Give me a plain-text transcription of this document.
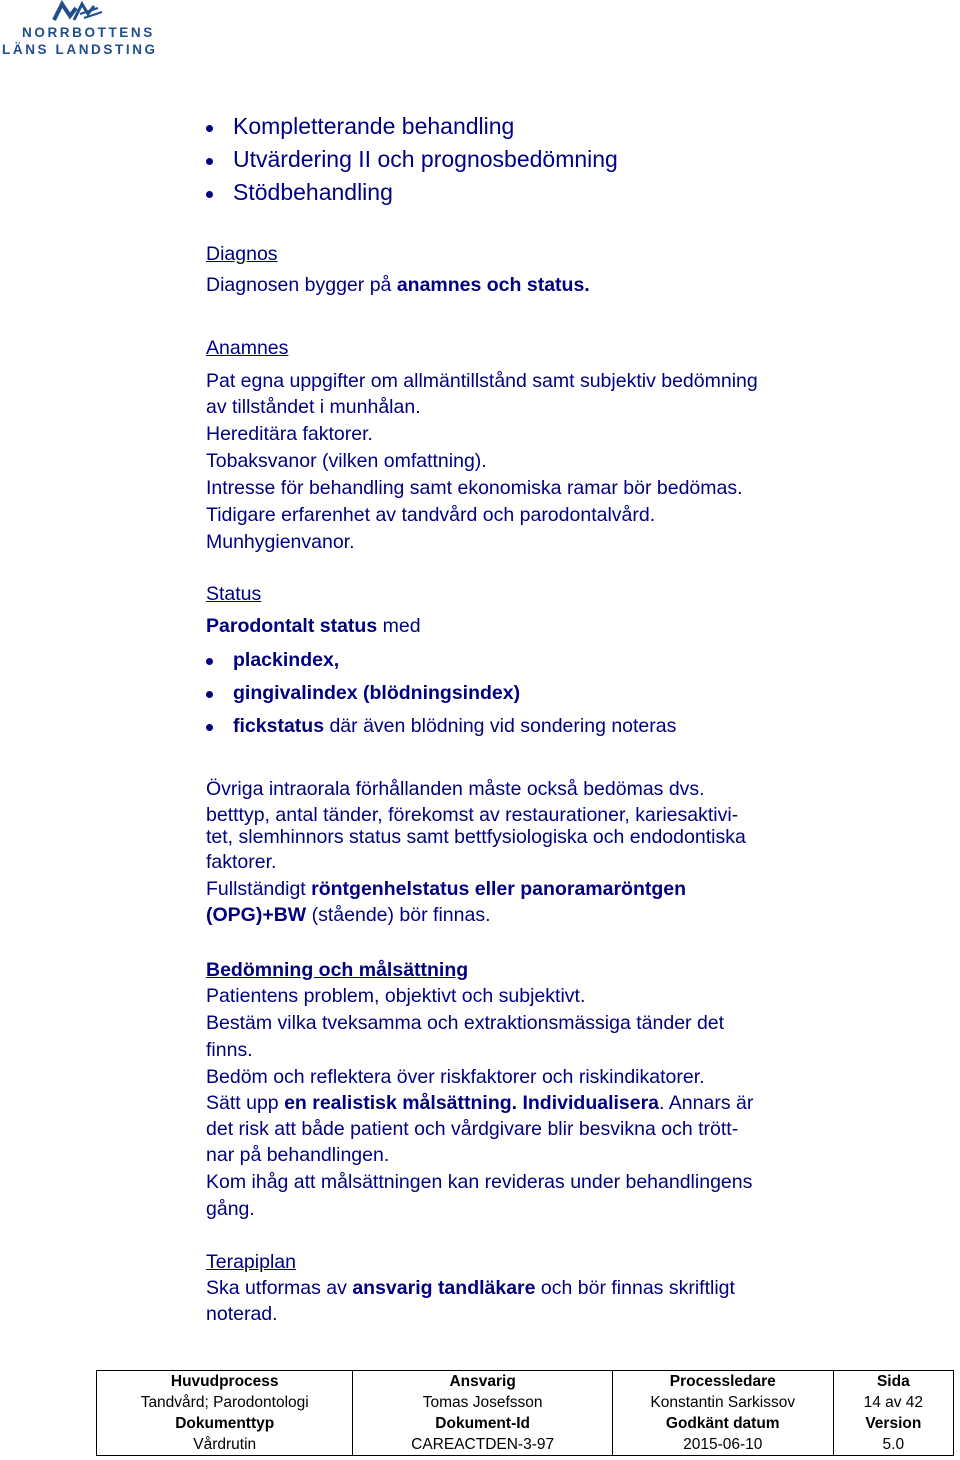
NORRBOTTENS
LÄNS LANDSTING
Kompletterande behandling
Utvärdering II och prognosbedömning
Stödbehandling
Diagnos
Diagnosen bygger på anamnes och status.
Anamnes
Pat egna uppgifter om allmäntillstånd samt subjektiv bedömning
av tillståndet i munhålan.
Hereditära faktorer.
Tobaksvanor (vilken omfattning).
Intresse för behandling samt ekonomiska ramar bör bedömas.
Tidigare erfarenhet av tandvård och parodontalvård.
Munhygienvanor.
Status
Parodontalt status med
plackindex,
gingivalindex (blödningsindex)
fickstatus där även blödning vid sondering noteras
Övriga intraorala förhållanden måste också bedömas dvs.
betttyp, antal tänder, förekomst av restaurationer, kariesaktivi-
tet, slemhinnors status samt bettfysiologiska och endodontiska
faktorer.
Fullständigt röntgenhelstatus eller panoramaröntgen
(OPG)+BW (stående) bör finnas.
Bedömning och målsättning
Patientens problem, objektivt och subjektivt.
Bestäm vilka tveksamma och extraktionsmässiga tänder det
finns.
Bedöm och reflektera över riskfaktorer och riskindikatorer.
Sätt upp en realistisk målsättning. Individualisera. Annars är
det risk att både patient och vårdgivare blir besvikna och trött-
nar på behandlingen.
Kom ihåg att målsättningen kan revideras under behandlingens
gång.
Terapiplan
Ska utformas av ansvarig tandläkare och bör finnas skriftligt
noterad.
Huvudprocess
Tandvård; Parodontologi
Dokumenttyp
Vårdrutin

Ansvarig
Tomas Josefsson
Dokument-Id
CAREACTDEN-3-97

Processledare
Konstantin Sarkissov
Godkänt datum
2015-06-10

Sida
14 av 42
Version
5.0
